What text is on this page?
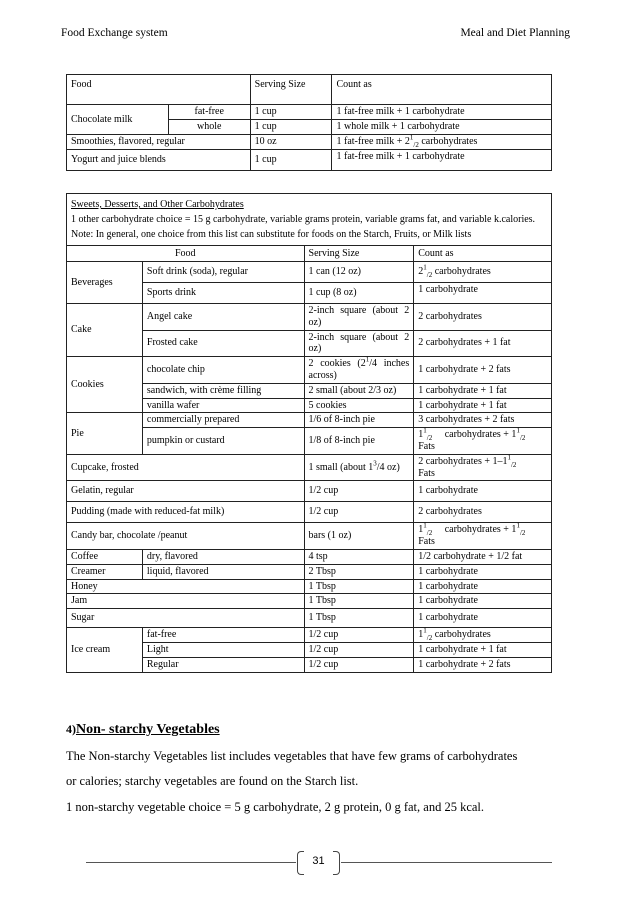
Food Exchange system	Meal and Diet Planning
Food		Serving Size	Count as
Chocolate milk	fat-free	1 cup	1 fat-free milk + 1 carbohydrate
	whole	1 cup	1 whole milk + 1 carbohydrate
Smoothies, flavored, regular		10 oz	1 fat-free milk + $2^1_{/2}$ carbohydrates
Yogurt and juice blends		1 cup	1 fat-free milk + 1 carbohydrate
Sweets, Desserts, and Other Carbohydrates
1 other carbohydrate choice = 15 g carbohydrate, variable grams protein, variable grams fat, and variable k.calories.
Note: In general, one choice from this list can substitute for foods on the Starch, Fruits, or Milk lists			

Food		Serving Size	Count as
Beverages	Soft drink (soda), regular	1 can (12 oz)	$2^1_{/2}$ carbohydrates
	Sports drink	1 cup (8 oz)	1 carbohydrate
Cake	Angel cake	2-inch square (about 2 oz)	2 carbohydrates
	Frosted cake	2-inch square (about 2 oz)	2 carbohydrates + 1 fat
Cookies	chocolate chip	2 cookies ($2^1/4$ inches across)	1 carbohydrate + 2 fats
	sandwich, with crème filling	2 small (about 2/3 oz)	1 carbohydrate + 1 fat
	vanilla wafer	5 cookies	1 carbohydrate + 1 fat
Pie	commercially prepared	1/6 of 8-inch pie	3 carbohydrates + 2 fats
	pumpkin or custard	1/8 of 8-inch pie	$1^1_{/2}$     carbohydrates + $1^1_{/2}$
Fats
Cupcake, frosted		1 small (about $1^3/4$ oz)	2 carbohydrates + $1-1^1_{/2}$
Fats
Gelatin, regular		1/2 cup	1 carbohydrate
Pudding (made with reduced-fat milk)		1/2 cup	2 carbohydrates
Candy bar, chocolate /peanut		bars (1 oz)	$1^1_{/2}$     carbohydrates + $1^1_{/2}$
Fats
Coffee	dry, flavored	4 tsp	1/2 carbohydrate + 1/2 fat
Creamer	liquid, flavored	2 Tbsp	1 carbohydrate
Honey		1 Tbsp	1 carbohydrate
Jam		1 Tbsp	1 carbohydrate
Sugar		1 Tbsp	1 carbohydrate
Ice cream	fat-free	1/2 cup	$1^1_{/2}$ carbohydrates
	Light	1/2 cup	1 carbohydrate + 1 fat
	Regular	1/2 cup	1 carbohydrate + 2 fats
4)Non- starchy Vegetables
The Non-starchy Vegetables list includes vegetables that have few grams of carbohydrates
or calories; starchy vegetables are found on the Starch list.
1 non-starchy vegetable choice = 5 g carbohydrate, 2 g protein, 0 g fat, and 25 kcal.
31
